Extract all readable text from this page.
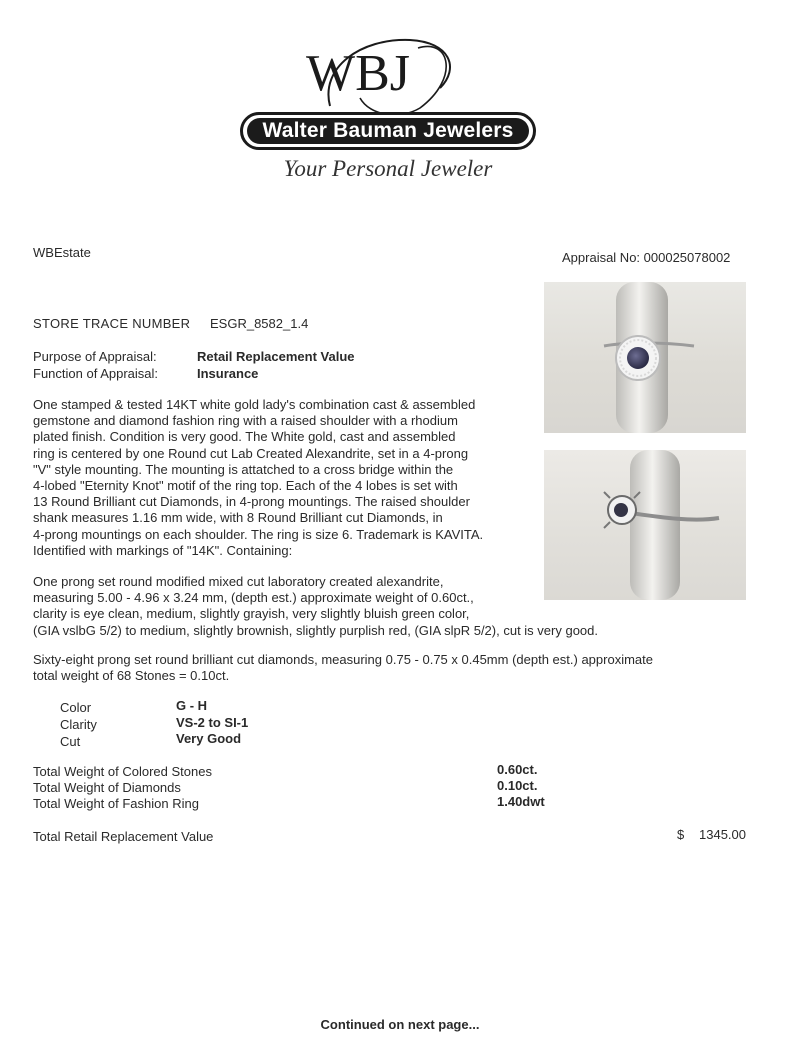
WBJ
Walter Bauman Jewelers
Your Personal Jeweler
WBEstate	Appraisal No: 000025078002
STORE TRACE NUMBER ESGR_8582_1.4
Purpose of Appraisal:	Retail Replacement Value
Function of Appraisal:	Insurance
One stamped & tested 14KT white gold lady's combination cast & assembled
gemstone and diamond fashion ring with a raised shoulder with a rhodium
plated finish. Condition is very good. The White gold, cast and assembled
ring is centered by one Round cut Lab Created Alexandrite, set in a 4-prong
"V" style mounting. The mounting is attatched to a cross bridge within the
4-lobed "Eternity Knot" motif of the ring top. Each of the 4 lobes is set with
13 Round Brilliant cut Diamonds, in 4-prong mountings. The raised shoulder
shank measures 1.16 mm wide, with 8 Round Brilliant cut Diamonds, in
4-prong mountings on each shoulder. The ring is size 6. Trademark is KAVITA.
Identified with markings of "14K". Containing:
One prong set round modified mixed cut laboratory created alexandrite,
measuring 5.00 - 4.96 x 3.24 mm, (depth est.) approximate weight of 0.60ct.,
clarity is eye clean, medium, slightly grayish, very slightly bluish green color,
(GIA vslbG 5/2) to medium, slightly brownish, slightly purplish red, (GIA slpR 5/2), cut is very good.
Sixty-eight prong set round brilliant cut diamonds, measuring 0.75 - 0.75 x 0.45mm (depth est.) approximate
total weight of 68 Stones = 0.10ct.
Color	G - H
Clarity	VS-2 to SI-1
Cut	Very Good
Total Weight of Colored Stones	0.60ct.
Total Weight of Diamonds	0.10ct.
Total Weight of Fashion Ring	1.40dwt
Total Retail Replacement Value	$ 1345.00
Continued on next page...
